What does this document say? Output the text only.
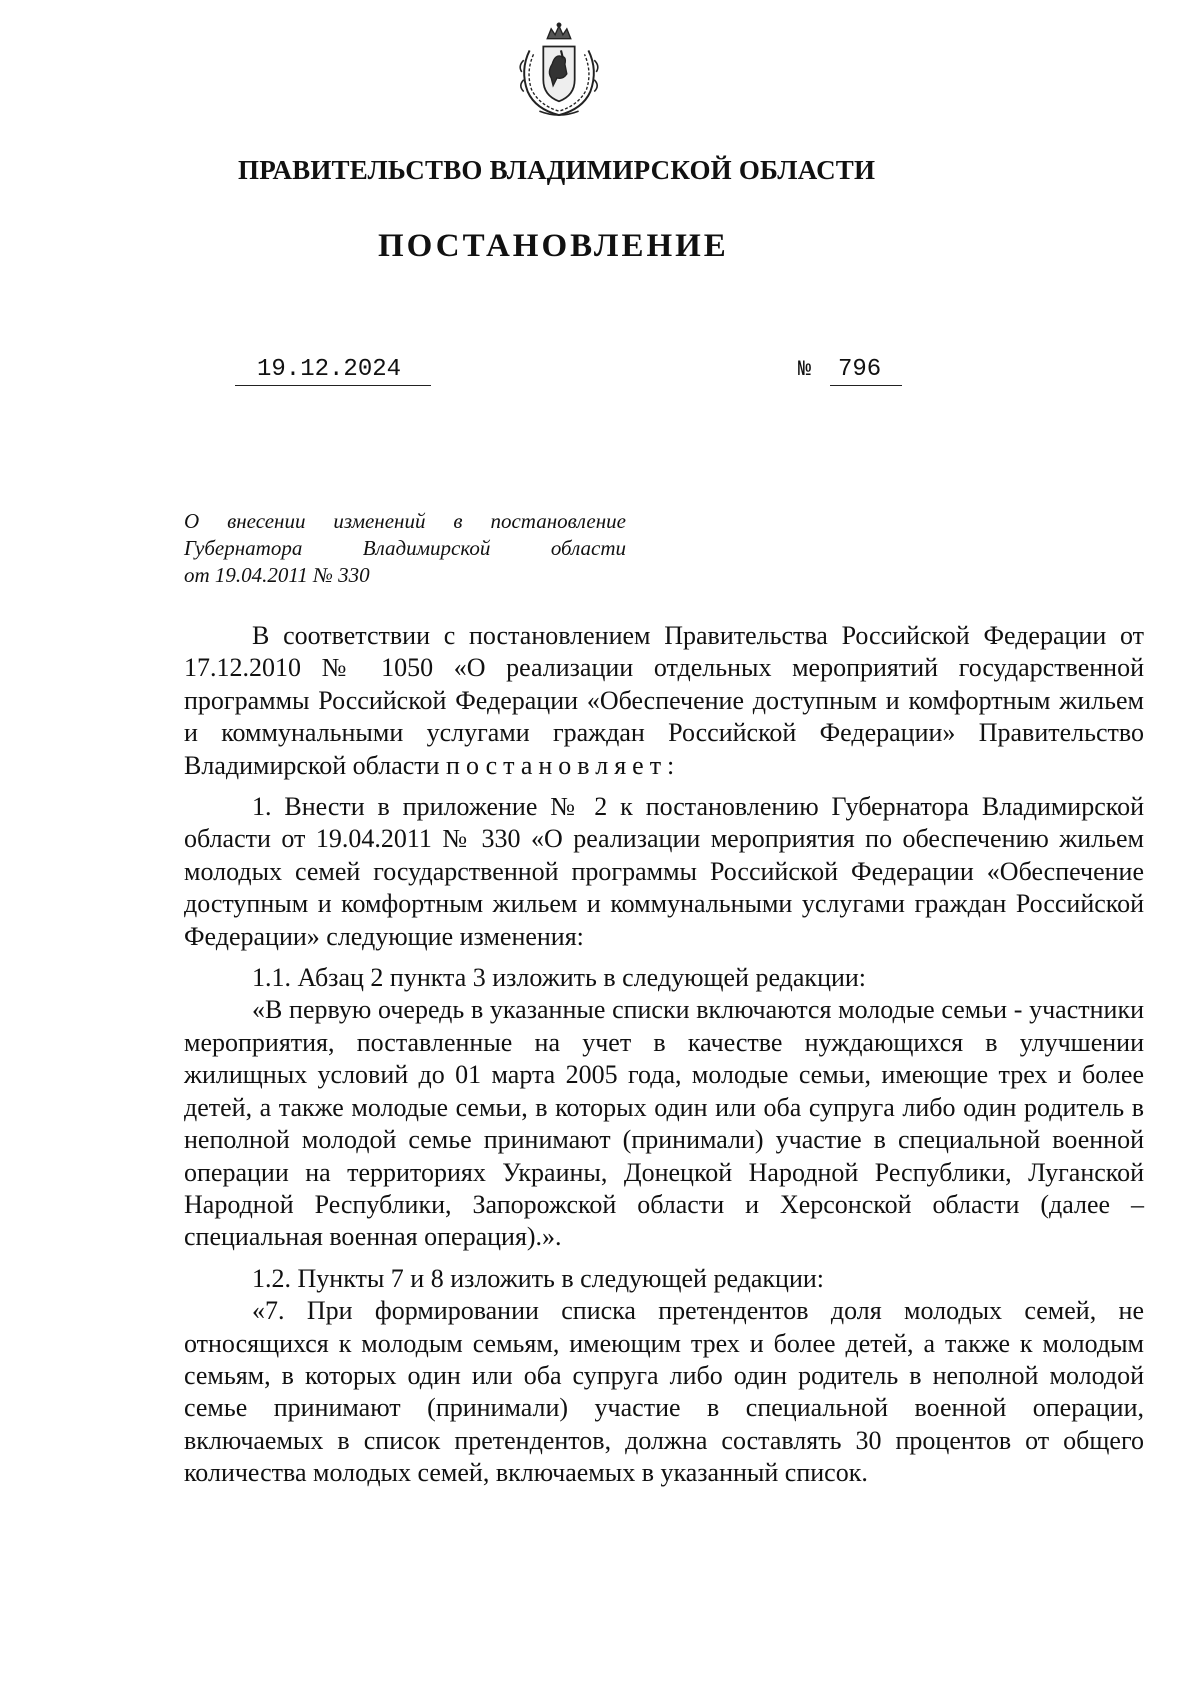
ПРАВИТЕЛЬСТВО ВЛАДИМИРСКОЙ ОБЛАСТИ
ПОСТАНОВЛЕНИЕ
19.12.2024	№	796
О внесении изменений в постановление
Губернатора Владимирской области
от 19.04.2011 № 330

В соответствии с постановлением Правительства Российской Федерации от 17.12.2010 № 1050 «О реализации отдельных мероприятий государственной программы Российской Федерации «Обеспечение доступным и комфортным жильем и коммунальными услугами граждан Российской Федерации» Правительство Владимирской области постановляет:

1. Внести в приложение № 2 к постановлению Губернатора Владимирской области от 19.04.2011 № 330 «О реализации мероприятия по обеспечению жильем молодых семей государственной программы Российской Федерации «Обеспечение доступным и комфортным жильем и коммунальными услугами граждан Российской Федерации» следующие изменения:

1.1. Абзац 2 пункта 3 изложить в следующей редакции:

«В первую очередь в указанные списки включаются молодые семьи - участники мероприятия, поставленные на учет в качестве нуждающихся в улучшении жилищных условий до 01 марта 2005 года, молодые семьи, имеющие трех и более детей, а также молодые семьи, в которых один или оба супруга либо один родитель в неполной молодой семье принимают (принимали) участие в специальной военной операции на территориях Украины, Донецкой Народной Республики, Луганской Народной Республики, Запорожской области и Херсонской области (далее – специальная военная операция).».

1.2. Пункты 7 и 8 изложить в следующей редакции:

«7. При формировании списка претендентов доля молодых семей, не относящихся к молодым семьям, имеющим трех и более детей, а также к молодым семьям, в которых один или оба супруга либо один родитель в неполной молодой семье принимают (принимали) участие в специальной военной операции, включаемых в список претендентов, должна составлять 30 процентов от общего количества молодых семей, включаемых в указанный список.
